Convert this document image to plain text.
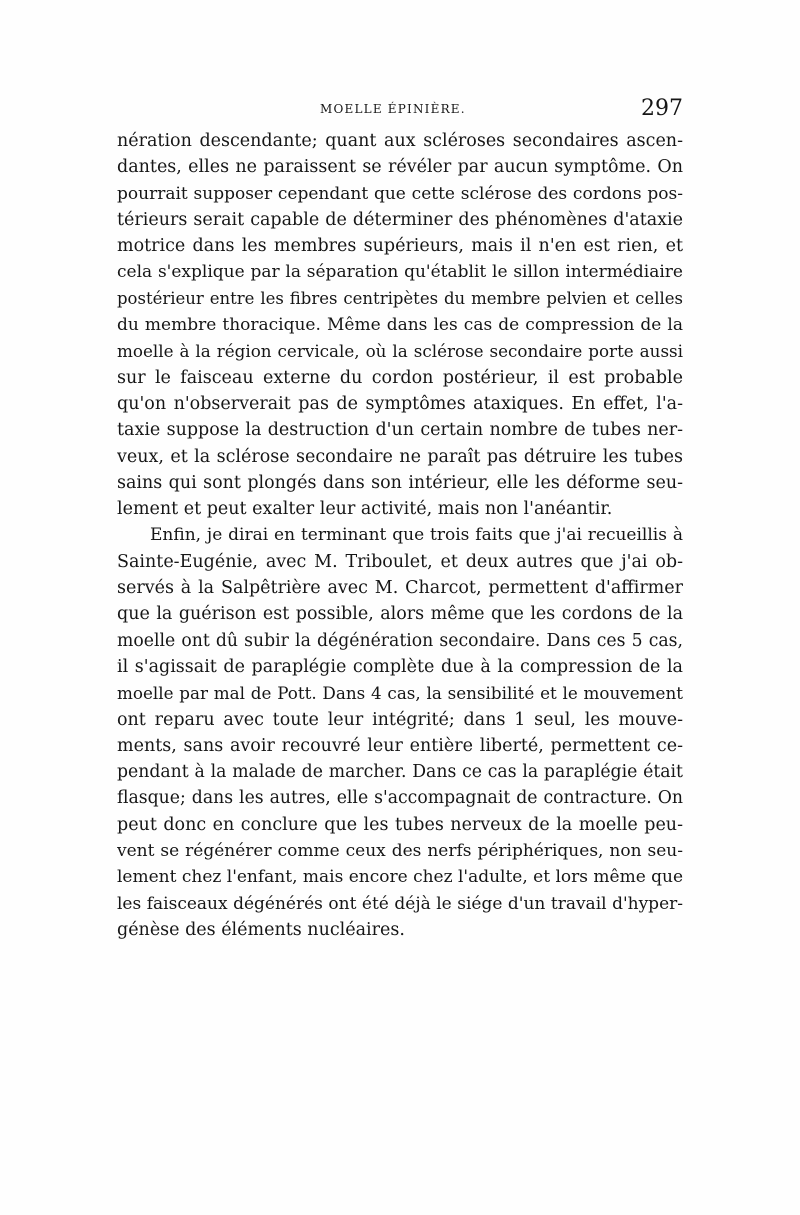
MOELLE ÉPINIÈRE.	297
nération descendante; quant aux scléroses secondaires ascen-
dantes, elles ne paraissent se révéler par aucun symptôme. On
pourrait supposer cependant que cette sclérose des cordons pos-
térieurs serait capable de déterminer des phénomènes d'ataxie
motrice dans les membres supérieurs, mais il n'en est rien, et
cela s'explique par la séparation qu'établit le sillon intermédiaire
postérieur entre les fibres centripètes du membre pelvien et celles
du membre thoracique. Même dans les cas de compression de la
moelle à la région cervicale, où la sclérose secondaire porte aussi
sur le faisceau externe du cordon postérieur, il est probable
qu'on n'observerait pas de symptômes ataxiques. En effet, l'a-
taxie suppose la destruction d'un certain nombre de tubes ner-
veux, et la sclérose secondaire ne paraît pas détruire les tubes
sains qui sont plongés dans son intérieur, elle les déforme seu-
lement et peut exalter leur activité, mais non l'anéantir.
Enfin, je dirai en terminant que trois faits que j'ai recueillis à
Sainte-Eugénie, avec M. Triboulet, et deux autres que j'ai ob-
servés à la Salpêtrière avec M. Charcot, permettent d'affirmer
que la guérison est possible, alors même que les cordons de la
moelle ont dû subir la dégénération secondaire. Dans ces 5 cas,
il s'agissait de paraplégie complète due à la compression de la
moelle par mal de Pott. Dans 4 cas, la sensibilité et le mouvement
ont reparu avec toute leur intégrité; dans 1 seul, les mouve-
ments, sans avoir recouvré leur entière liberté, permettent ce-
pendant à la malade de marcher. Dans ce cas la paraplégie était
flasque; dans les autres, elle s'accompagnait de contracture. On
peut donc en conclure que les tubes nerveux de la moelle peu-
vent se régénérer comme ceux des nerfs périphériques, non seu-
lement chez l'enfant, mais encore chez l'adulte, et lors même que
les faisceaux dégénérés ont été déjà le siége d'un travail d'hyper-
génèse des éléments nucléaires.
